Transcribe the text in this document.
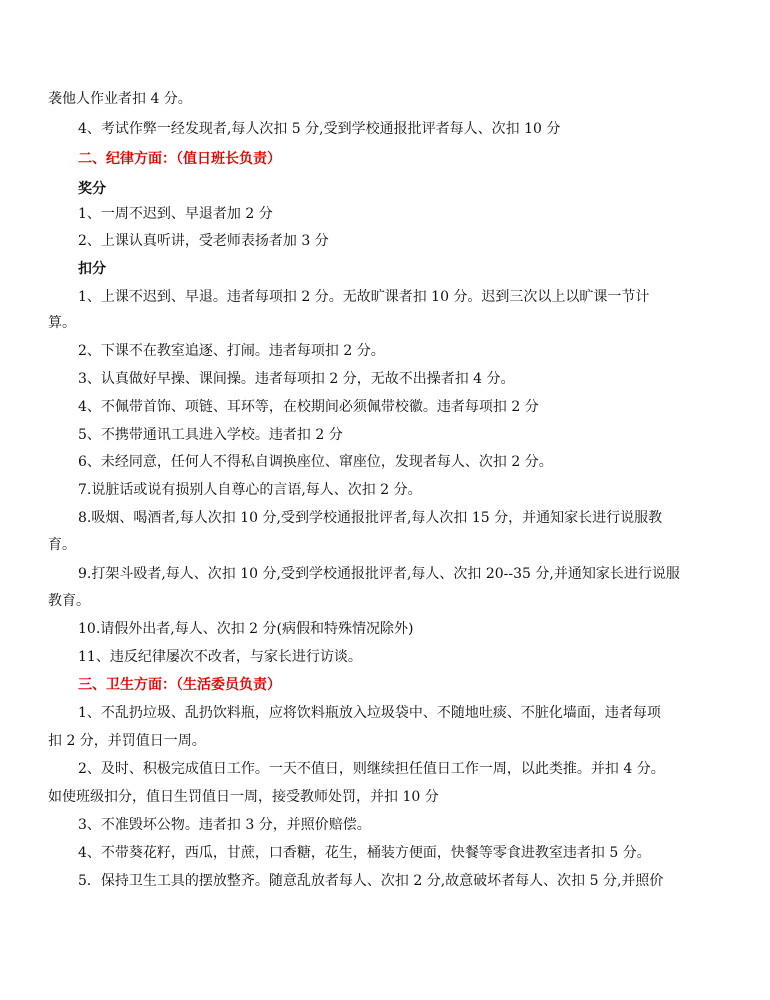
袭他人作业者扣 4 分。
4、考试作弊一经发现者,每人次扣 5 分,受到学校通报批评者每人、次扣 10 分
二、纪律方面：（值日班长负责）
奖分
1、一周不迟到、早退者加 2 分
2、上课认真听讲，受老师表扬者加 3 分
扣分
1、上课不迟到、早退。违者每项扣 2 分。无故旷课者扣 10 分。迟到三次以上以旷课一节计
算。
2、下课不在教室追逐、打闹。违者每项扣 2 分。
3、认真做好早操、课间操。违者每项扣 2 分，无故不出操者扣 4 分。
4、不佩带首饰、项链、耳环等，在校期间必须佩带校徽。违者每项扣 2 分
5、不携带通讯工具进入学校。违者扣 2 分
6、未经同意，任何人不得私自调换座位、窜座位，发现者每人、次扣 2 分。
7.说脏话或说有损别人自尊心的言语,每人、次扣 2 分。
8.吸烟、喝酒者,每人次扣 10 分,受到学校通报批评者,每人次扣 15 分，并通知家长进行说服教
育。
9.打架斗殴者,每人、次扣 10 分,受到学校通报批评者,每人、次扣 20--35 分,并通知家长进行说服
教育。
10.请假外出者,每人、次扣 2 分(病假和特殊情况除外)
11、违反纪律屡次不改者，与家长进行访谈。
三、卫生方面：（生活委员负责）
1、不乱扔垃圾、乱扔饮料瓶，应将饮料瓶放入垃圾袋中、不随地吐痰、不脏化墙面，违者每项
扣 2 分，并罚值日一周。
2、及时、积极完成值日工作。一天不值日，则继续担任值日工作一周，以此类推。并扣 4 分。
如使班级扣分，值日生罚值日一周，接受教师处罚，并扣 10 分
3、不准毁坏公物。违者扣 3 分，并照价赔偿。
4、不带葵花籽，西瓜，甘蔗，口香糖，花生，桶装方便面，快餐等零食进教室违者扣 5 分。
5．保持卫生工具的摆放整齐。随意乱放者每人、次扣 2 分,故意破坏者每人、次扣 5 分,并照价
